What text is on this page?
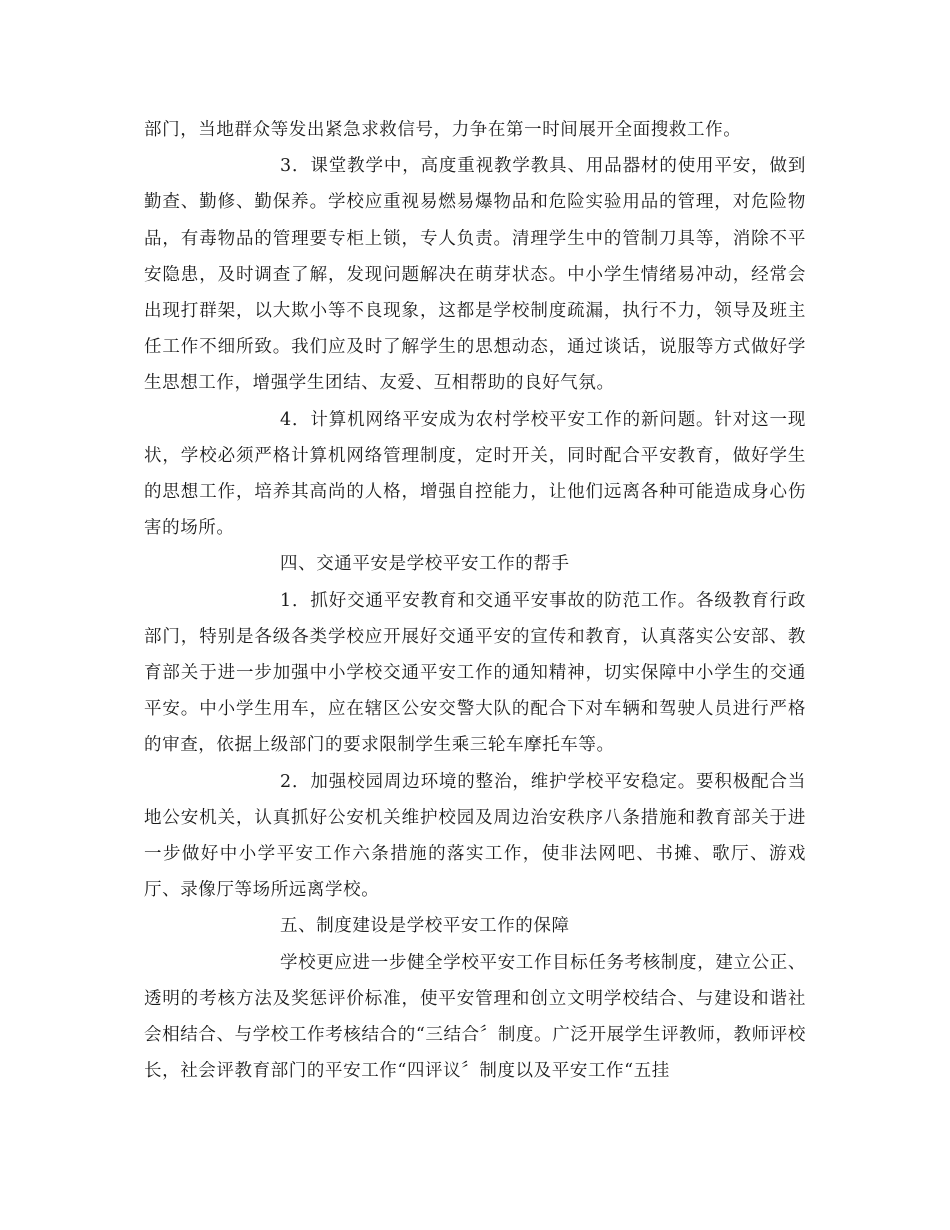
部门，当地群众等发出紧急求救信号，力争在第一时间展开全面搜救工作。

3．课堂教学中，高度重视教学教具、用品器材的使用平安，做到勤查、勤修、勤保养。学校应重视易燃易爆物品和危险实验用品的管理，对危险物品，有毒物品的管理要专柜上锁，专人负责。清理学生中的管制刀具等，消除不平安隐患，及时调查了解，发现问题解决在萌芽状态。中小学生情绪易冲动，经常会出现打群架，以大欺小等不良现象，这都是学校制度疏漏，执行不力，领导及班主任工作不细所致。我们应及时了解学生的思想动态，通过谈话，说服等方式做好学生思想工作，增强学生团结、友爱、互相帮助的良好气氛。

4．计算机网络平安成为农村学校平安工作的新问题。针对这一现状，学校必须严格计算机网络管理制度，定时开关，同时配合平安教育，做好学生的思想工作，培养其高尚的人格，增强自控能力，让他们远离各种可能造成身心伤害的场所。

四、交通平安是学校平安工作的帮手

1．抓好交通平安教育和交通平安事故的防范工作。各级教育行政部门，特别是各级各类学校应开展好交通平安的宣传和教育，认真落实公安部、教育部关于进一步加强中小学校交通平安工作的通知精神，切实保障中小学生的交通平安。中小学生用车，应在辖区公安交警大队的配合下对车辆和驾驶人员进行严格的审查，依据上级部门的要求限制学生乘三轮车摩托车等。

2．加强校园周边环境的整治，维护学校平安稳定。要积极配合当地公安机关，认真抓好公安机关维护校园及周边治安秩序八条措施和教育部关于进一步做好中小学平安工作六条措施的落实工作，使非法网吧、书摊、歌厅、游戏厅、录像厅等场所远离学校。

五、制度建设是学校平安工作的保障

学校更应进一步健全学校平安工作目标任务考核制度，建立公正、透明的考核方法及奖惩评价标准，使平安管理和创立文明学校结合、与建设和谐社会相结合、与学校工作考核结合的“三结合〞制度。广泛开展学生评教师，教师评校长，社会评教育部门的平安工作“四评议〞制度以及平安工作“五挂
